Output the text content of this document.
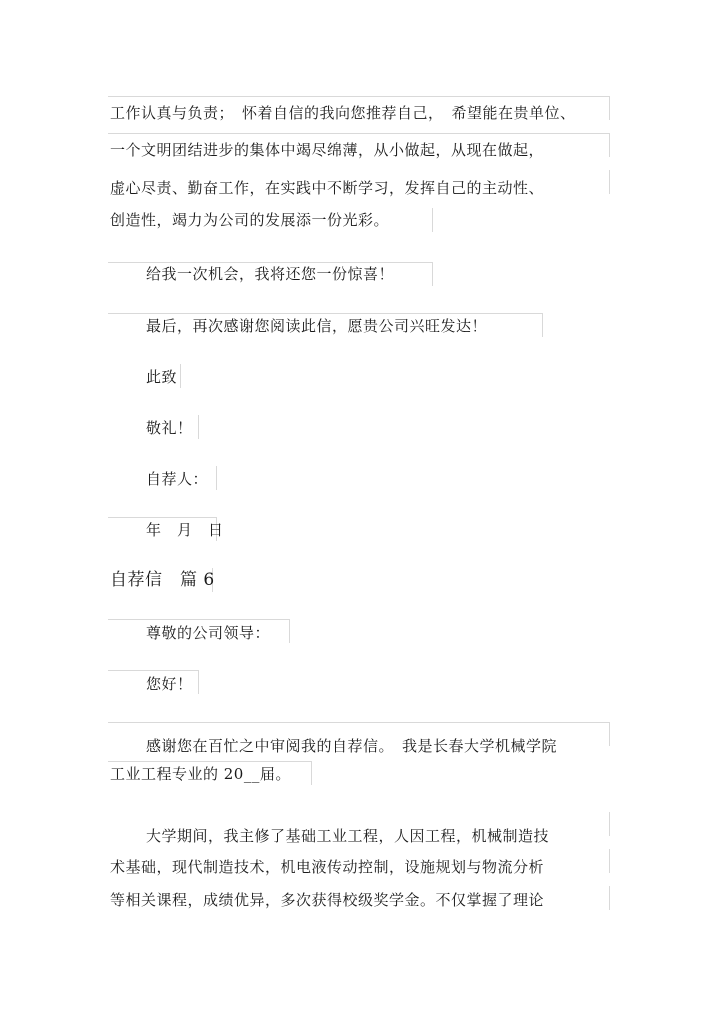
工作认真与负责；　怀着自信的我向您推荐自己，　希望能在贵单位、
一个文明团结进步的集体中竭尽绵薄，从小做起，从现在做起，
虚心尽责、勤奋工作，在实践中不断学习，发挥自己的主动性、
创造性，竭力为公司的发展添一份光彩。
给我一次机会，我将还您一份惊喜！
最后，再次感谢您阅读此信，愿贵公司兴旺发达！
此致
敬礼！
自荐人：
年　月　日
自荐信　篇 6
尊敬的公司领导：
您好！
感谢您在百忙之中审阅我的自荐信。　我是长春大学机械学院
工业工程专业的 20__届。
大学期间，我主修了基础工业工程，人因工程，机械制造技
术基础，现代制造技术，机电液传动控制，设施规划与物流分析
等相关课程，成绩优异，多次获得校级奖学金。不仅掌握了理论
